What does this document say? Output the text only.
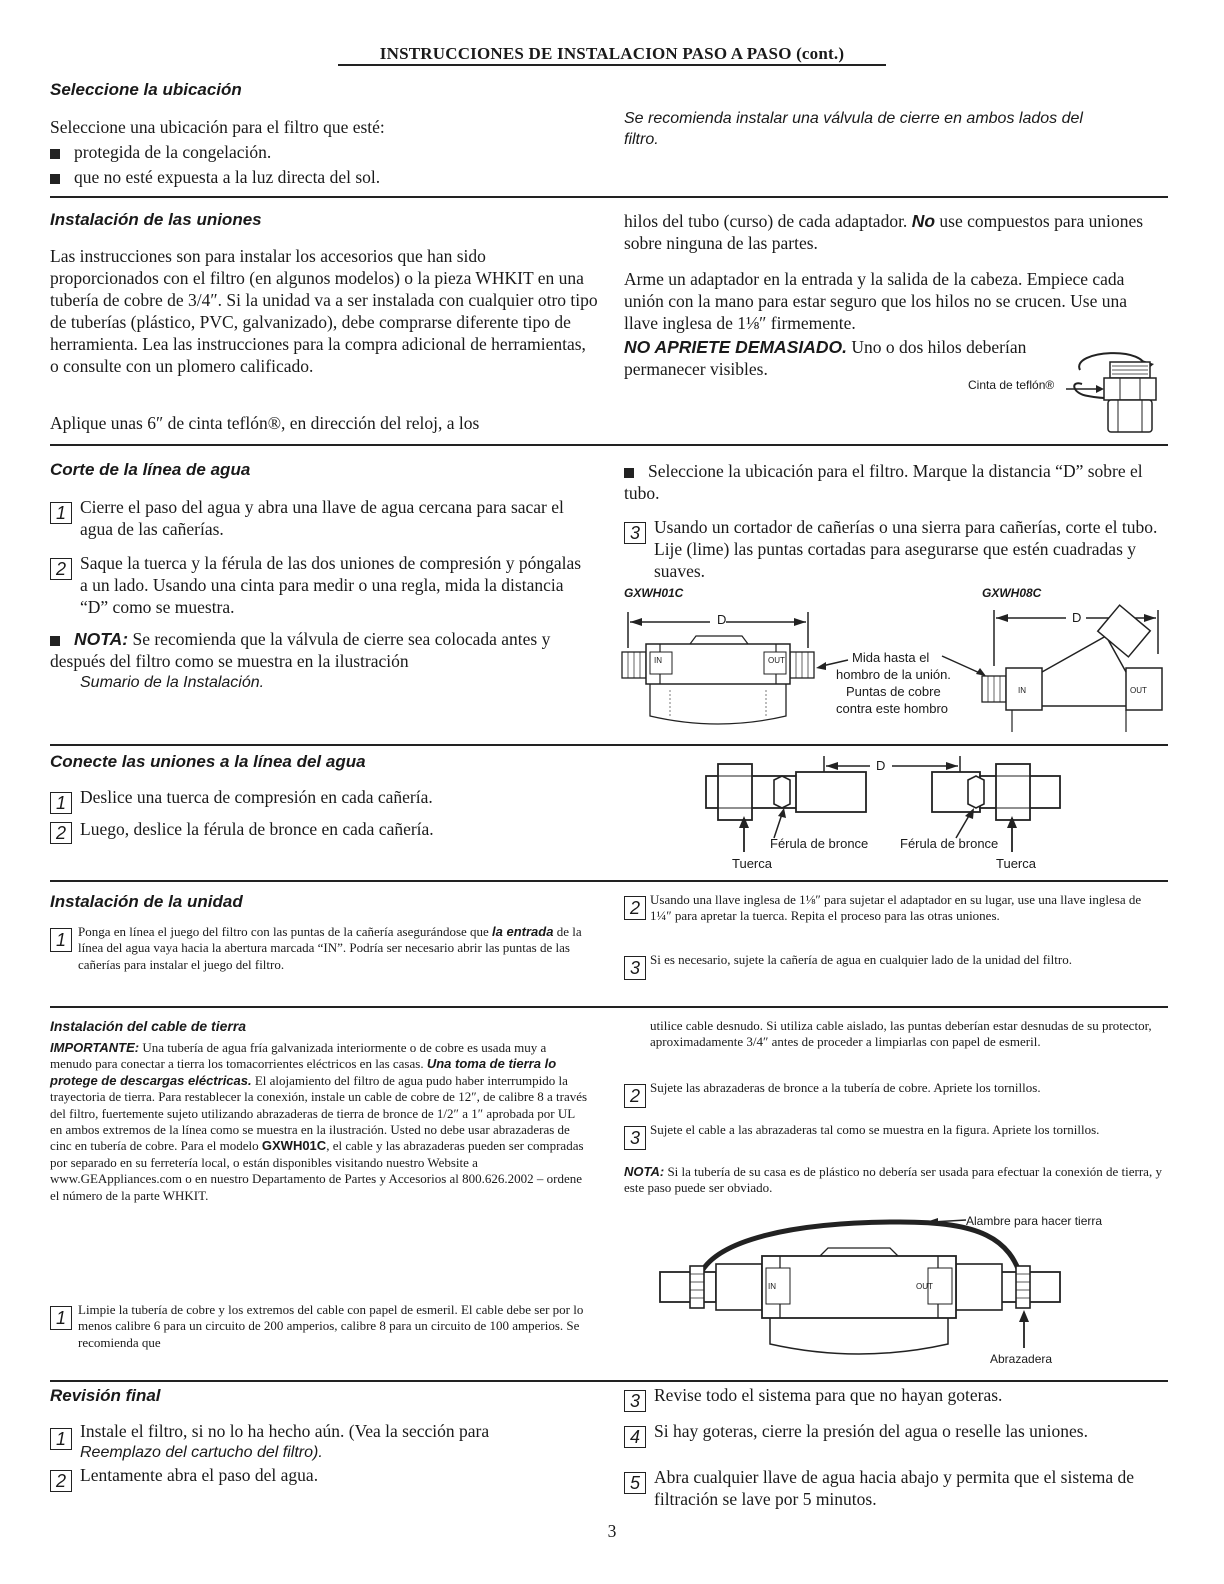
INSTRUCCIONES DE INSTALACION PASO A PASO (cont.)
Seleccione la ubicación
Seleccione una ubicación para el filtro que esté:
protegida de la congelación.
que no esté expuesta a la luz directa del sol.
Se recomienda instalar una válvula de cierre en ambos lados del filtro.
Instalación de las uniones
Las instrucciones son para instalar los accesorios que han sido proporcionados con el filtro (en algunos modelos) o la pieza WHKIT en una tubería de cobre de 3/4″. Si la unidad va a ser instalada con cualquier otro tipo de tuberías (plástico, PVC, galvanizado), debe comprarse diferente tipo de herramienta. Lea las instrucciones para la compra adicional de herramientas, o consulte con un plomero calificado.
Aplique unas 6″ de cinta teflón®, en dirección del reloj, a los
hilos del tubo (curso) de cada adaptador. No use compuestos para uniones sobre ninguna de las partes.
Arme un adaptador en la entrada y la salida de la cabeza. Empiece cada unión con la mano para estar seguro que los hilos no se crucen. Use una llave inglesa de 1⅛″ firmemente.
NO APRIETE DEMASIADO. Uno o dos hilos deberían
permanecer visibles.
Cinta de teflón®
Corte de la línea de agua
1 Cierre el paso del agua y abra una llave de agua cercana para sacar el agua de las cañerías.
2 Saque la tuerca y la férula de las dos uniones de compresión y póngalas a un lado. Usando una cinta para medir o una regla, mida la distancia “D” como se muestra.
NOTA: Se recomienda que la válvula de cierre sea colocada antes y después del filtro como se muestra en la ilustración
Sumario de la Instalación.
Seleccione la ubicación para el filtro. Marque la distancia “D” sobre el tubo.
3 Usando un cortador de cañerías o una sierra para cañerías, corte el tubo. Lije (lime) las puntas cortadas para asegurarse que estén cuadradas y suaves.
GXWH01C	GXWH08C
D
IN	OUT	Mida hasta el
hombro de la unión.
Puntas de cobre
contra este hombro
D
IN	OUT
Conecte las uniones a la línea del agua
1 Deslice una tuerca de compresión en cada cañería.
2 Luego, deslice la férula de bronce en cada cañería.
D
Férula de bronce Férula de bronce
Tuerca	Tuerca
Instalación de la unidad
1 Ponga en línea el juego del filtro con las puntas de la cañería asegurándose que la entrada de la línea del agua vaya hacia la abertura marcada “IN”. Podría ser necesario abrir las puntas de las cañerías para instalar el juego del filtro.
2 Usando una llave inglesa de 1⅛″ para sujetar el adaptador en su lugar, use una llave inglesa de 1¼″ para apretar la tuerca. Repita el proceso para las otras uniones.
3 Si es necesario, sujete la cañería de agua en cualquier lado de la unidad del filtro.
Instalación del cable de tierra
IMPORTANTE: Una tubería de agua fría galvanizada interiormente o de cobre es usada muy a menudo para conectar a tierra los tomacorrientes eléctricos en las casas. Una toma de tierra lo protege de descargas eléctricas. El alojamiento del filtro de agua pudo haber interrumpido la trayectoria de tierra. Para restablecer la conexión, instale un cable de cobre de 12″, de calibre 8 a través del filtro, fuertemente sujeto utilizando abrazaderas de tierra de bronce de 1/2″ a 1″ aprobada por UL en ambos extremos de la línea como se muestra en la ilustración. Usted no debe usar abrazaderas de cinc en tubería de cobre. Para el modelo GXWH01C, el cable y las abrazaderas pueden ser compradas por separado en su ferretería local, o están disponibles visitando nuestro Website a www.GEAppliances.com o en nuestro Departamento de Partes y Accesorios al 800.626.2002 – ordene el número de la parte WHKIT.
1 Limpie la tubería de cobre y los extremos del cable con papel de esmeril. El cable debe ser por lo menos calibre 6 para un circuito de 200 amperios, calibre 8 para un circuito de 100 amperios. Se recomienda que
utilice cable desnudo. Si utiliza cable aislado, las puntas deberían estar desnudas de su protector, aproximadamente 3/4″ antes de proceder a limpiarlas con papel de esmeril.
2 Sujete las abrazaderas de bronce a la tubería de cobre. Apriete los tornillos.
3 Sujete el cable a las abrazaderas tal como se muestra en la figura. Apriete los tornillos.
NOTA: Si la tubería de su casa es de plástico no debería ser usada para efectuar la conexión de tierra, y este paso puede ser obviado.
Alambre para hacer tierra
IN	OUT
Abrazadera
Revisión final
1 Instale el filtro, si no lo ha hecho aún. (Vea la sección para
Reemplazo del cartucho del filtro).
2 Lentamente abra el paso del agua.
3 Revise todo el sistema para que no hayan goteras.
4 Si hay goteras, cierre la presión del agua o reselle las uniones.
5 Abra cualquier llave de agua hacia abajo y permita que el sistema de filtración se lave por 5 minutos.
3
